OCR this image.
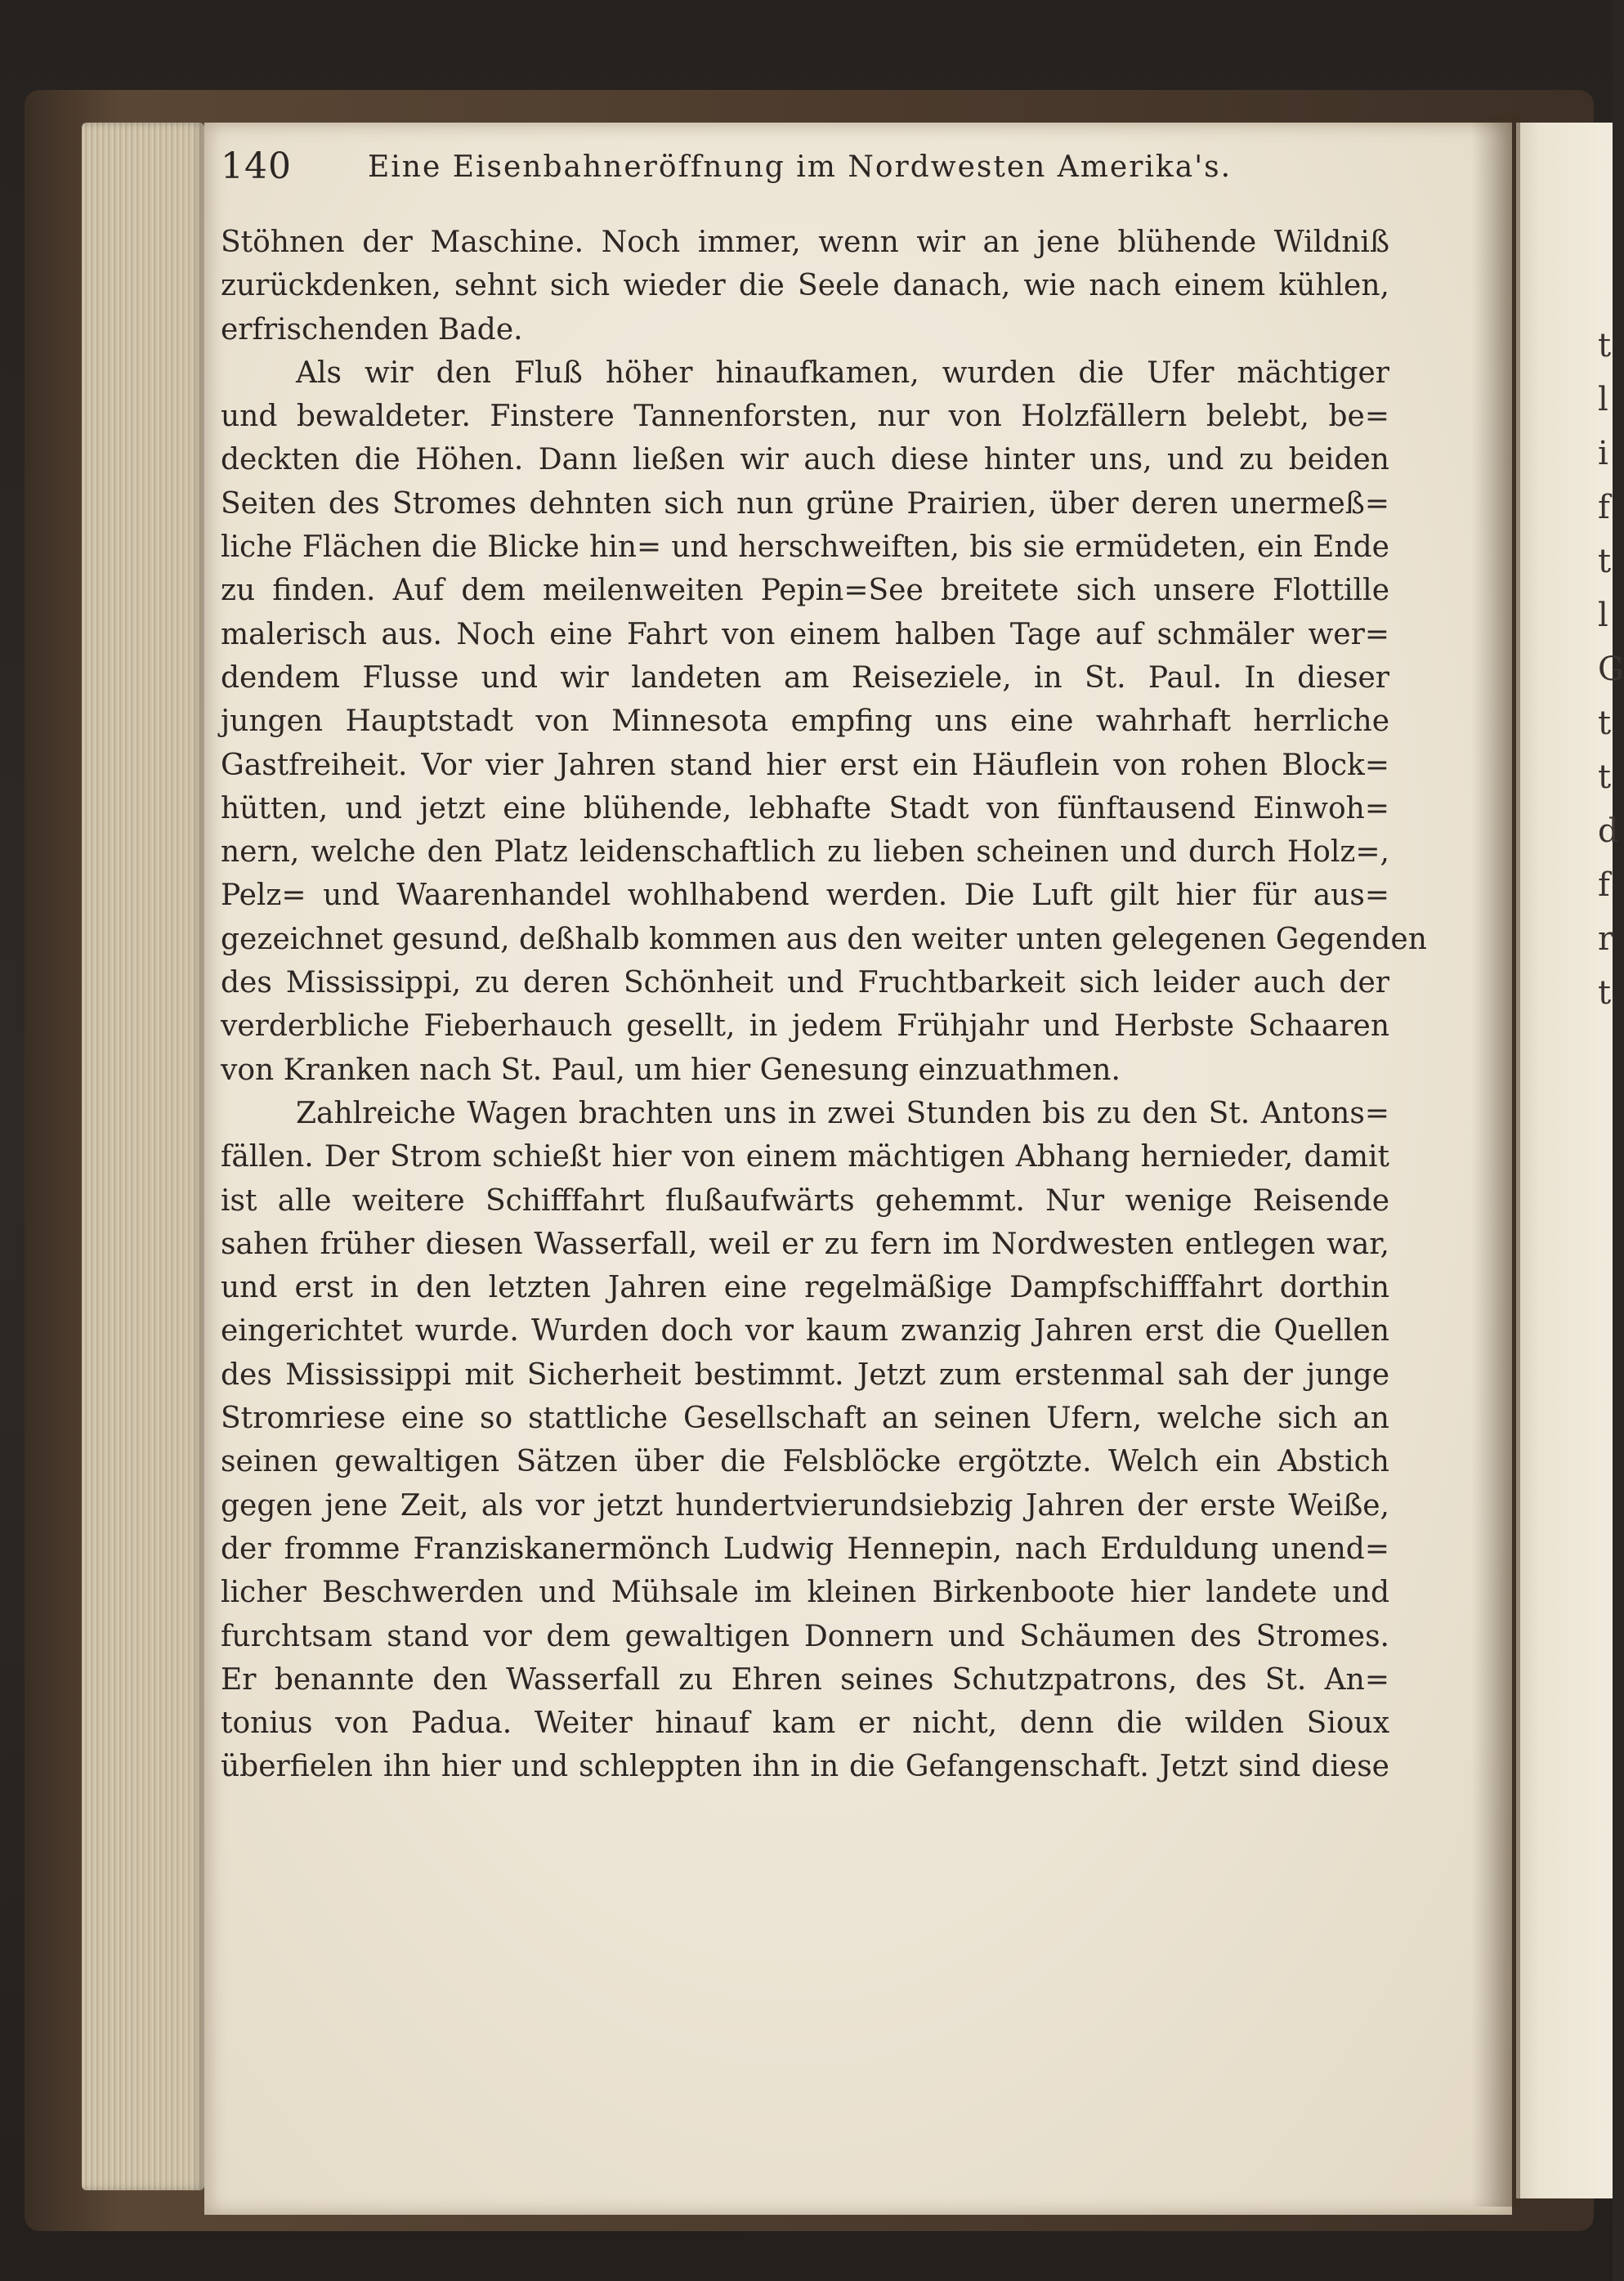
t
l
i
f
t
l
G
t
t
d
f
r
t
140	Eine Eisenbahneröffnung im Nordwesten Amerika's.
Stöhnen der Maschine. Noch immer, wenn wir an jene blühende Wildniß
zurückdenken, sehnt sich wieder die Seele danach, wie nach einem kühlen,
erfrischenden Bade.
Als wir den Fluß höher hinaufkamen, wurden die Ufer mächtiger
und bewaldeter. Finstere Tannenforsten, nur von Holzfällern belebt, be=
deckten die Höhen. Dann ließen wir auch diese hinter uns, und zu beiden
Seiten des Stromes dehnten sich nun grüne Prairien, über deren unermeß=
liche Flächen die Blicke hin= und herschweiften, bis sie ermüdeten, ein Ende
zu finden. Auf dem meilenweiten Pepin=See breitete sich unsere Flottille
malerisch aus. Noch eine Fahrt von einem halben Tage auf schmäler wer=
dendem Flusse und wir landeten am Reiseziele, in St. Paul. In dieser
jungen Hauptstadt von Minnesota empfing uns eine wahrhaft herrliche
Gastfreiheit. Vor vier Jahren stand hier erst ein Häuflein von rohen Block=
hütten, und jetzt eine blühende, lebhafte Stadt von fünftausend Einwoh=
nern, welche den Platz leidenschaftlich zu lieben scheinen und durch Holz=,
Pelz= und Waarenhandel wohlhabend werden. Die Luft gilt hier für aus=
gezeichnet gesund, deßhalb kommen aus den weiter unten gelegenen Gegenden
des Mississippi, zu deren Schönheit und Fruchtbarkeit sich leider auch der
verderbliche Fieberhauch gesellt, in jedem Frühjahr und Herbste Schaaren
von Kranken nach St. Paul, um hier Genesung einzuathmen.
Zahlreiche Wagen brachten uns in zwei Stunden bis zu den St. Antons=
fällen. Der Strom schießt hier von einem mächtigen Abhang hernieder, damit
ist alle weitere Schifffahrt flußaufwärts gehemmt. Nur wenige Reisende
sahen früher diesen Wasserfall, weil er zu fern im Nordwesten entlegen war,
und erst in den letzten Jahren eine regelmäßige Dampfschifffahrt dorthin
eingerichtet wurde. Wurden doch vor kaum zwanzig Jahren erst die Quellen
des Mississippi mit Sicherheit bestimmt. Jetzt zum erstenmal sah der junge
Stromriese eine so stattliche Gesellschaft an seinen Ufern, welche sich an
seinen gewaltigen Sätzen über die Felsblöcke ergötzte. Welch ein Abstich
gegen jene Zeit, als vor jetzt hundertvierundsiebzig Jahren der erste Weiße,
der fromme Franziskanermönch Ludwig Hennepin, nach Erduldung unend=
licher Beschwerden und Mühsale im kleinen Birkenboote hier landete und
furchtsam stand vor dem gewaltigen Donnern und Schäumen des Stromes.
Er benannte den Wasserfall zu Ehren seines Schutzpatrons, des St. An=
tonius von Padua. Weiter hinauf kam er nicht, denn die wilden Sioux
überfielen ihn hier und schleppten ihn in die Gefangenschaft. Jetzt sind diese
